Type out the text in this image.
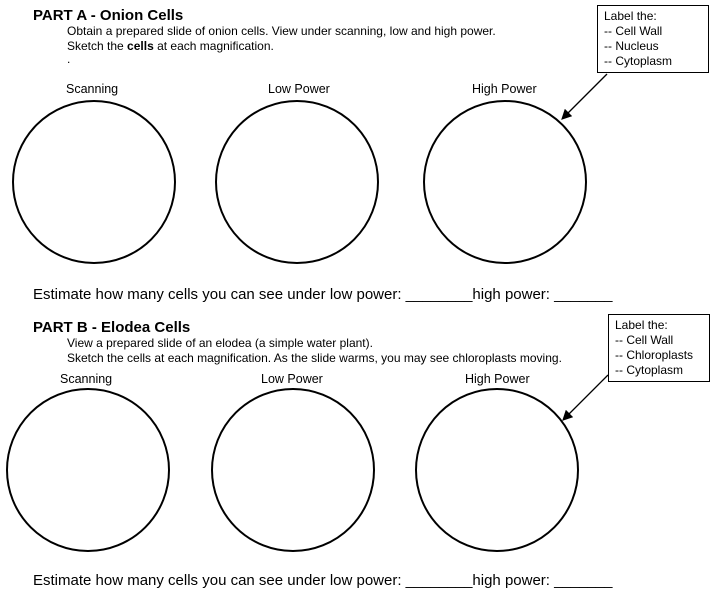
PART A - Onion Cells
Obtain a prepared slide of onion cells. View under scanning, low and high power.
Sketch the cells at each magnification.
.
Label the:
-- Cell Wall
-- Nucleus
-- Cytoplasm
Scanning	Low Power	High Power
Estimate how many cells you can see under low power: ________high power: _______
PART B - Elodea Cells
View a prepared slide of an elodea (a simple water plant).
Sketch the cells at each magnification. As the slide warms, you may see chloroplasts moving.
Label the:
-- Cell Wall
-- Chloroplasts
-- Cytoplasm
Scanning	Low Power	High Power
Estimate how many cells you can see under low power: ________high power: _______
